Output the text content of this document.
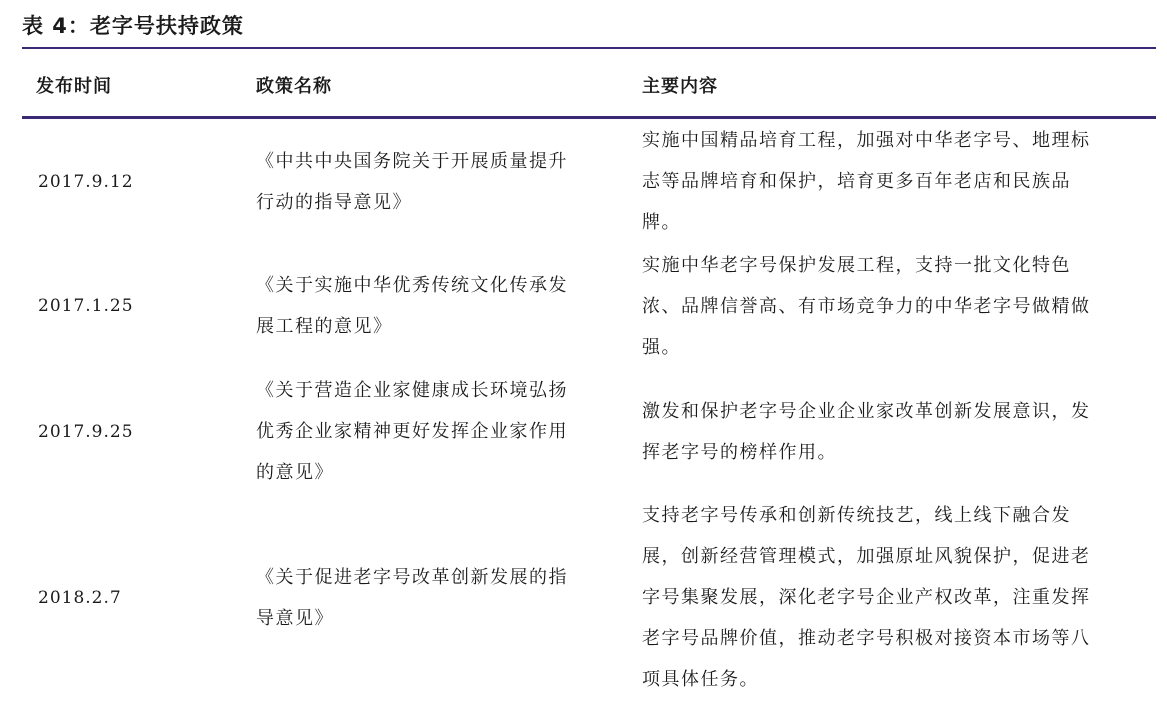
表 4：老字号扶持政策
发布时间	政策名称	主要内容
2017.9.12
《中共中央国务院关于开展质量提升
行动的指导意见》
实施中国精品培育工程，加强对中华老字号、地理标
志等品牌培育和保护，培育更多百年老店和民族品
牌。
2017.1.25
《关于实施中华优秀传统文化传承发
展工程的意见》
实施中华老字号保护发展工程，支持一批文化特色
浓、品牌信誉高、有市场竞争力的中华老字号做精做
强。
2017.9.25
《关于营造企业家健康成长环境弘扬
优秀企业家精神更好发挥企业家作用
的意见》
激发和保护老字号企业企业家改革创新发展意识，发
挥老字号的榜样作用。
2018.2.7
《关于促进老字号改革创新发展的指
导意见》
支持老字号传承和创新传统技艺，线上线下融合发
展，创新经营管理模式，加强原址风貌保护，促进老
字号集聚发展，深化老字号企业产权改革，注重发挥
老字号品牌价值，推动老字号积极对接资本市场等八
项具体任务。
